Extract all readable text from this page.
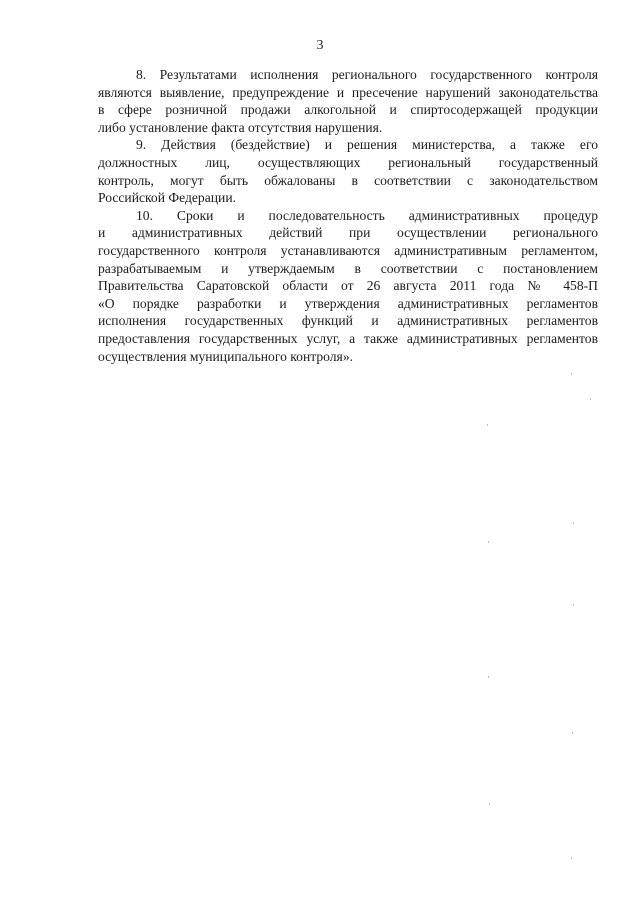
3

8. Результатами исполнения регионального государственного контроля
являются выявление, предупреждение и пресечение нарушений законодательства
в сфере розничной продажи алкогольной и спиртосодержащей продукции
либо установление факта отсутствия нарушения.

9. Действия (бездействие) и решения министерства, а также его
должностных лиц, осуществляющих региональный государственный
контроль, могут быть обжалованы в соответствии с законодательством
Российской Федерации.

10. Сроки и последовательность административных процедур
и административных действий при осуществлении регионального
государственного контроля устанавливаются административным регламентом,
разрабатываемым и утверждаемым в соответствии с постановлением
Правительства Саратовской области от 26 августа 2011 года № 458-П
«О порядке разработки и утверждения административных регламентов
исполнения государственных функций и административных регламентов
предоставления государственных услуг, а также административных регламентов
осуществления муниципального контроля».
